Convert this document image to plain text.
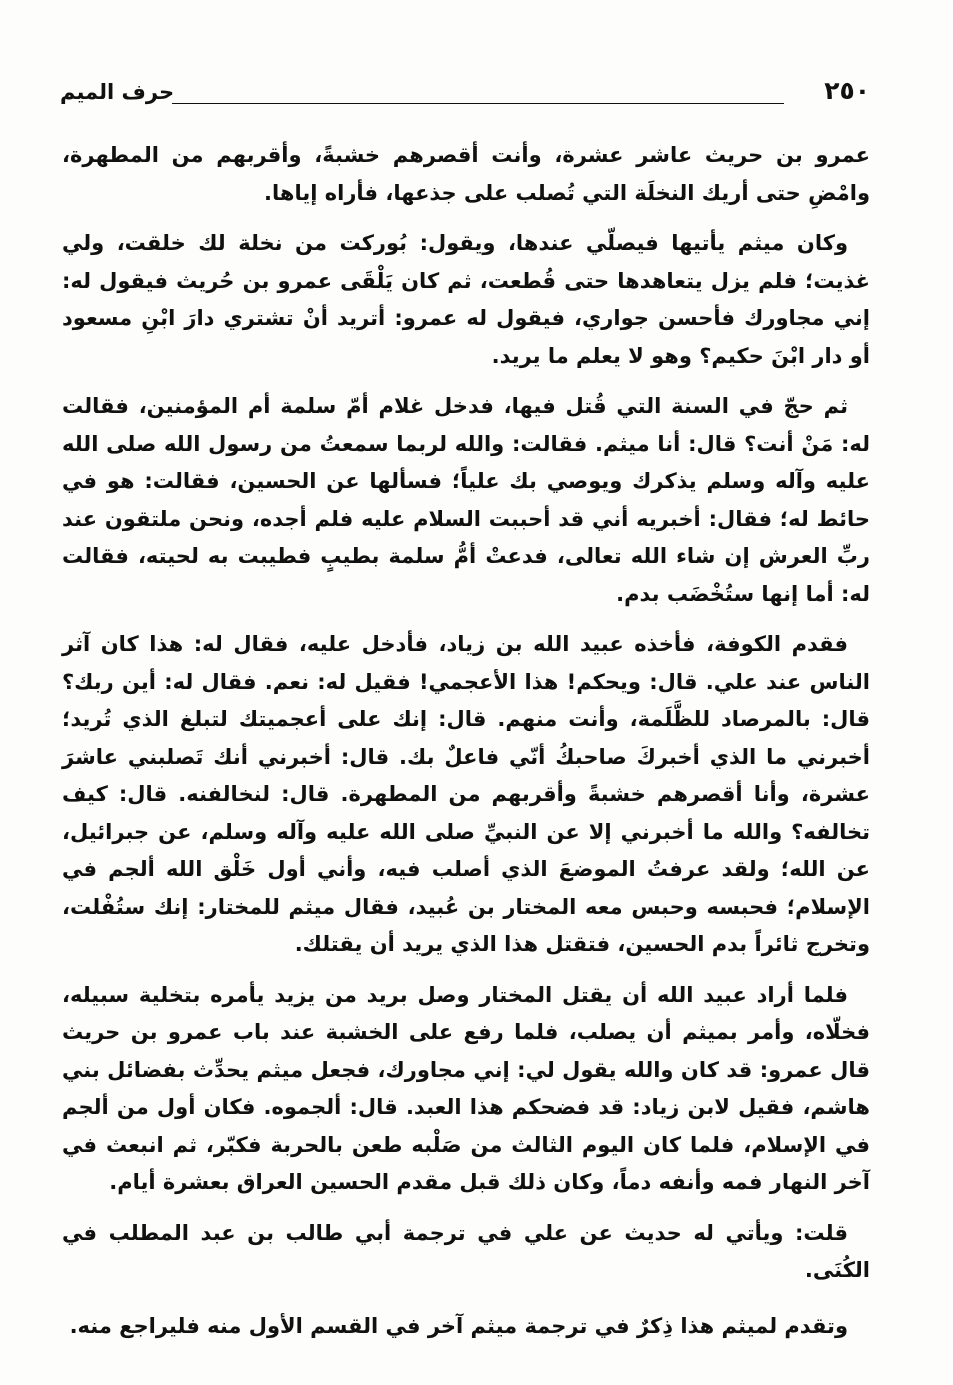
حرف الميم	٢٥٠

عمرو بن حريث عاشر عشرة، وأنت أقصرهم خشبةً، وأقربهم من المطهرة، وامْضِ حتى أريك النخلَة التي تُصلب على جذعها، فأراه إياها.

وكان ميثم يأتيها فيصلّي عندها، ويقول: بُوركت من نخلة لك خلقت، ولي غذيت؛ فلم يزل يتعاهدها حتى قُطعت، ثم كان يَلْقَى عمرو بن حُريث فيقول له: إني مجاورك فأحسن جواري، فيقول له عمرو: أتريد أنْ تشتري دارَ ابْنِ مسعود أو دار ابْنَ حكيم؟ وهو لا يعلم ما يريد.

ثم حجّ في السنة التي قُتل فيها، فدخل غلام أمّ سلمة أم المؤمنين، فقالت له: مَنْ أنت؟ قال: أنا ميثم. فقالت: والله لربما سمعتُ من رسول الله صلى الله عليه وآله وسلم يذكرك ويوصي بك علياً؛ فسألها عن الحسين، فقالت: هو في حائط له؛ فقال: أخبريه أني قد أحببت السلام عليه فلم أجده، ونحن ملتقون عند ربِّ العرش إن شاء الله تعالى، فدعتْ أمُّ سلمة بطيبٍ فطيبت به لحيته، فقالت له: أما إنها ستُخْضَب بدم.

فقدم الكوفة، فأخذه عبيد الله بن زياد، فأدخل عليه، فقال له: هذا كان آثر الناس عند علي. قال: ويحكم! هذا الأعجمي! فقيل له: نعم. فقال له: أين ربك؟ قال: بالمرصاد للظَّلَمة، وأنت منهم. قال: إنك على أعجميتك لتبلغ الذي تُريد؛ أخبرني ما الذي أخبركَ صاحبكُ أنّي فاعلٌ بك. قال: أخبرني أنك تَصلبني عاشرَ عشرة، وأنا أقصرهم خشبةً وأقربهم من المطهرة. قال: لنخالفنه. قال: كيف تخالفه؟ والله ما أخبرني إلا عن النبيِّ صلى الله عليه وآله وسلم، عن جبرائيل، عن الله؛ ولقد عرفتُ الموضعَ الذي أصلب فيه، وأني أول خَلْق الله ألجم في الإسلام؛ فحبسه وحبس معه المختار بن عُبيد، فقال ميثم للمختار: إنك ستُفْلت، وتخرج ثائراً بدم الحسين، فتقتل هذا الذي يريد أن يقتلك.

فلما أراد عبيد الله أن يقتل المختار وصل بريد من يزيد يأمره بتخلية سبيله، فخلّاه، وأمر بميثم أن يصلب، فلما رفع على الخشبة عند باب عمرو بن حريث قال عمرو: قد كان والله يقول لي: إني مجاورك، فجعل ميثم يحدِّث بفضائل بني هاشم، فقيل لابن زياد: قد فضحكم هذا العبد. قال: ألجموه. فكان أول من ألجم في الإسلام، فلما كان اليوم الثالث من صَلْبه طعن بالحربة فكبّر، ثم انبعث في آخر النهار فمه وأنفه دماً، وكان ذلك قبل مقدم الحسين العراق بعشرة أيام.

قلت: ويأتي له حديث عن علي في ترجمة أبي طالب بن عبد المطلب في الكُنَى.

وتقدم لميثم هذا ذِكرٌ في ترجمة ميثم آخر في القسم الأول منه فليراجع منه.
